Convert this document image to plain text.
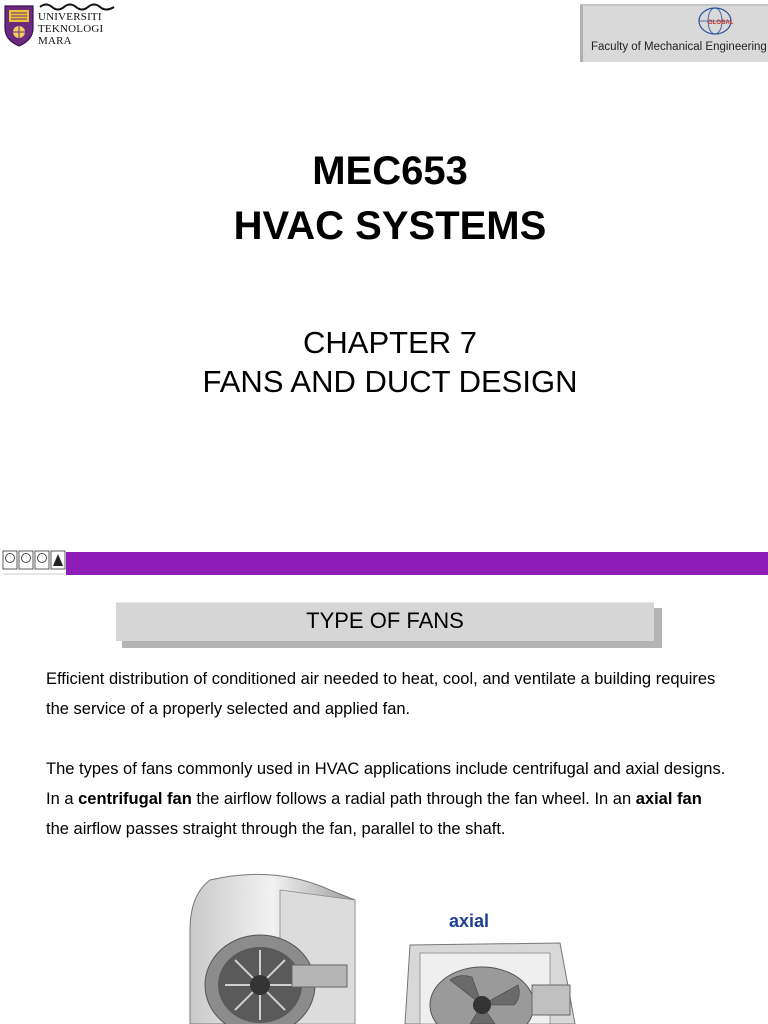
UNIVERSITI
TEKNOLOGI
MARA
GLOBAL
Faculty of Mechanical Engineering
MEC653
HVAC SYSTEMS
CHAPTER 7
FANS AND DUCT DESIGN
TYPE OF FANS
Efficient distribution of conditioned air needed to heat, cool, and ventilate a building requires the service of a properly selected and applied fan.
The types of fans commonly used in HVAC applications include centrifugal and axial designs. In a centrifugal fan the airflow follows a radial path through the fan wheel. In an axial fan the airflow passes straight through the fan, parallel to the shaft.
axial
